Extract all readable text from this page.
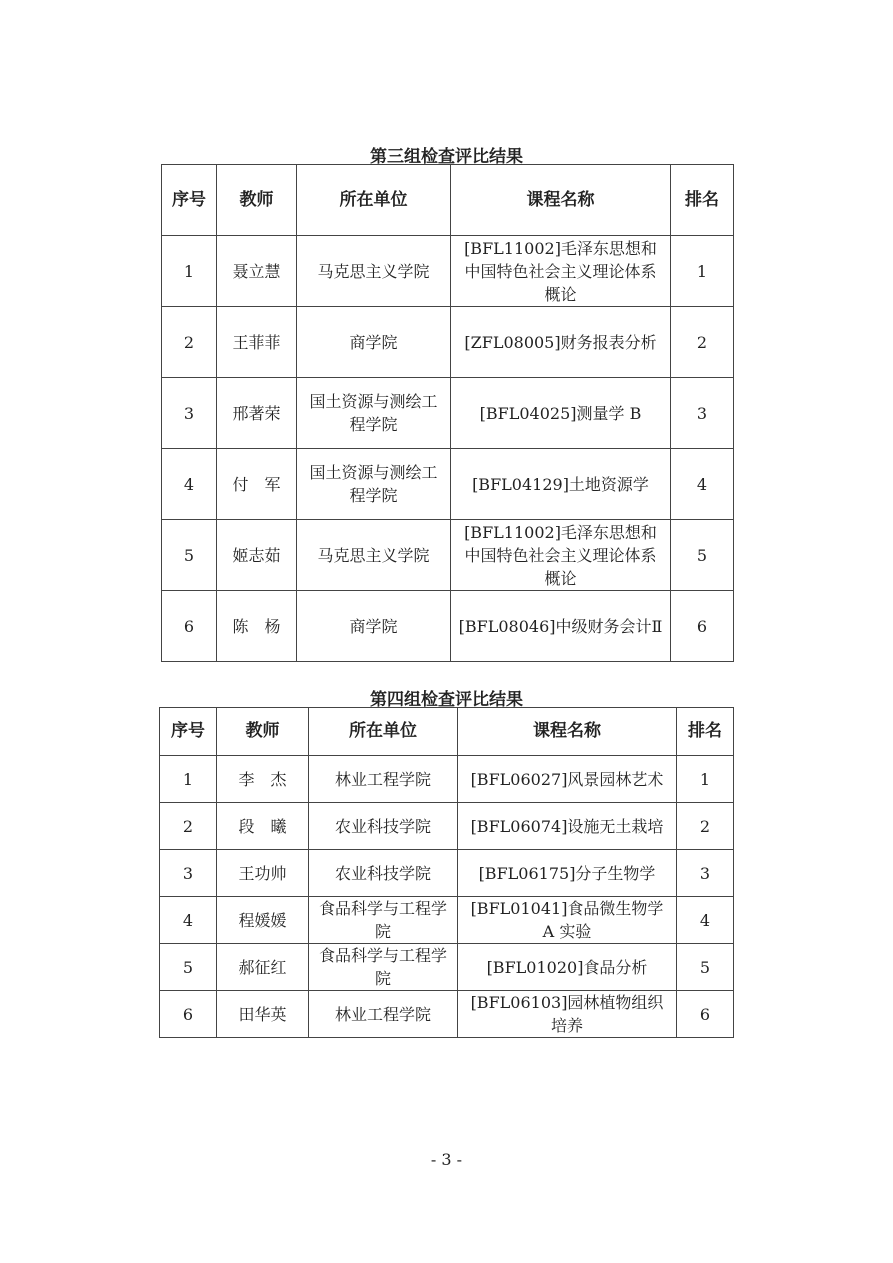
第三组检查评比结果
序号	教师	所在单位	课程名称	排名
1	聂立慧	马克思主义学院	[BFL11002]毛泽东思想和中国特色社会主义理论体系概论	1
2	王菲菲	商学院	[ZFL08005]财务报表分析	2
3	邢著荣	国土资源与测绘工程学院	[BFL04025]测量学 B	3
4	付　军	国土资源与测绘工程学院	[BFL04129]土地资源学	4
5	姬志茹	马克思主义学院	[BFL11002]毛泽东思想和中国特色社会主义理论体系概论	5
6	陈　杨	商学院	[BFL08046]中级财务会计Ⅱ	6
第四组检查评比结果
序号	教师	所在单位	课程名称	排名
1	李　杰	林业工程学院	[BFL06027]风景园林艺术	1
2	段　曦	农业科技学院	[BFL06074]设施无土栽培	2
3	王功帅	农业科技学院	[BFL06175]分子生物学	3
4	程媛媛	食品科学与工程学院	[BFL01041]食品微生物学 A 实验	4
5	郝征红	食品科学与工程学院	[BFL01020]食品分析	5
6	田华英	林业工程学院	[BFL06103]园林植物组织培养	6
- 3 -
